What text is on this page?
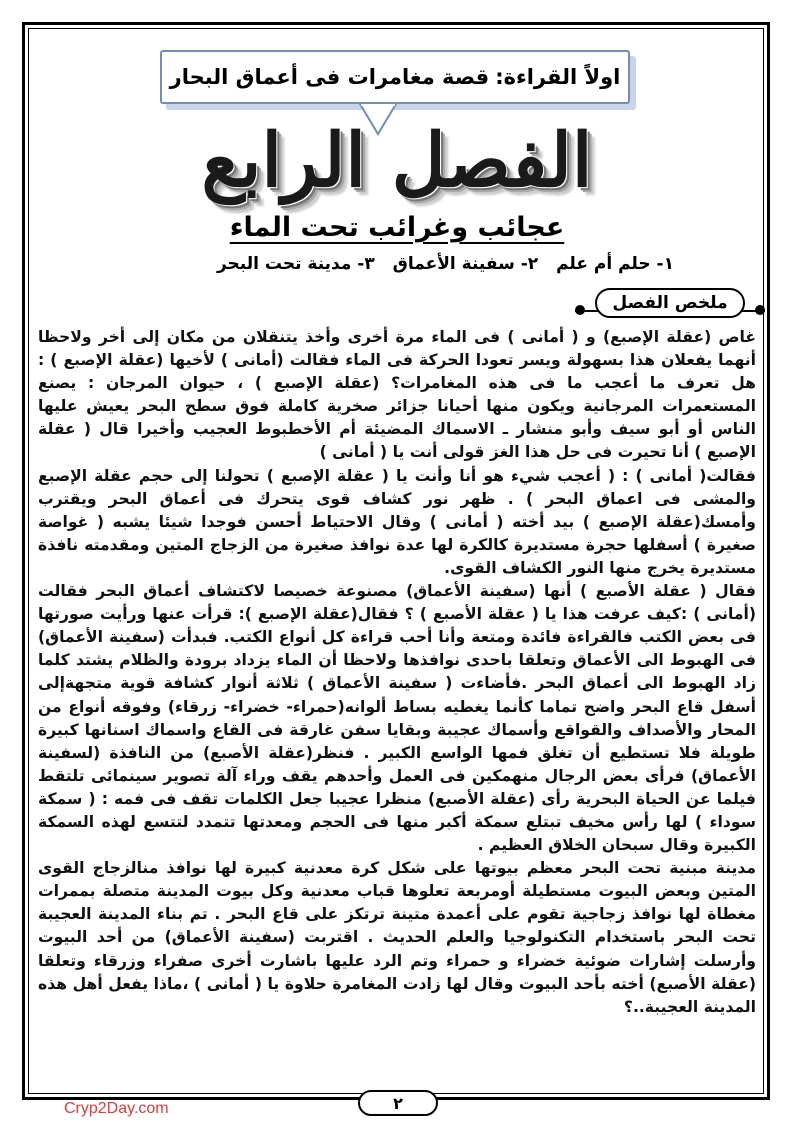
اولاً القراءة:
قصة مغامرات فى أعماق البحار
الفصل الرابع
عجائب وغرائب تحت الماء
١- حلم أم علم ٢- سفينة الأعماق ٣- مدينة تحت البحر
ملخص الفصل

غاص (عقلة الإصبع) و ( أمانى ) فى الماء مرة أخرى وأخذ يتنقلان من مكان إلى أخر ولاحظا أنهما يفعلان هذا بسهولة ويسر تعودا الحركة فى الماء فقالت (أمانى ) لأخيها (عقلة الإصبع ) : هل تعرف ما أعجب ما فى هذه المغامرات؟ (عقلة الإصبع ) ، حيوان المرجان : يصنع المستعمرات المرجانية ويكون منها أحيانا جزائر صخرية كاملة فوق سطح البحر يعيش عليها الناس أو أبو سيف وأبو منشار ـ الاسماك المضيئة أم الأخطبوط العجيب وأخيرا قال ( عقلة الإصبع ) أنا تحيرت فى حل هذا الغز قولى أنت يا ( أمانى )

فقالت( أمانى ) : ( أعجب شيء هو أنا وأنت يا ( عقلة الإصبع ) تحولنا إلى حجم عقلة الإصبع والمشى فى اعماق البحر ) . ظهر نور كشاف قوى يتحرك فى أعماق البحر ويقترب وأمسك(عقلة الإصبع ) بيد أخته ( أمانى ) وقال الاحتياط أحسن فوجدا شيئا يشبه ( غواصة صغيرة ) أسفلها حجرة مستديرة كالكرة لها عدة نوافذ صغيرة من الزجاج المتين ومقدمته نافذة مستديرة يخرج منها النور الكشاف القوى.

فقال ( عقلة الأصبع ) أنها (سفينة الأعماق) مصنوعة خصيصا لاكتشاف أعماق البحر فقالت (أمانى ) :كيف عرفت هذا يا ( عقلة الأصبع ) ؟ فقال(عقلة الإصبع ): قرأت عنها ورأيت صورتها فى بعض الكتب فالقراءة فائدة ومتعة وأنا أحب قراءة كل أنواع الكتب. فبدأت (سفينة الأعماق) فى الهبوط الى الأعماق وتعلقا باحدى نوافذها ولاحظا أن الماء يزداد برودة والظلام يشتد كلما زاد الهبوط الى أعماق البحر .فأضاءت ( سفينة الأعماق ) ثلاثة أنوار كشافة قوية متجهةإلى أسفل قاع البحر واضح تماما كأنما يغطيه بساط ألوانه(حمراء- خضراء- زرقاء) وفوقه أنواع من المحار والأصداف والقواقع وأسماك عجيبة وبقايا سفن غارقة فى القاع واسماك اسنانها كبيرة طويلة فلا تستطيع أن تغلق فمها الواسع الكبير . فنظر(عقلة الأصبع) من النافذة (لسفينة الأعماق) فرأى بعض الرجال منهمكين فى العمل وأحدهم يقف وراء آلة تصوير سينمائى تلتقط فيلما عن الحياة البحرية رأى (عقلة الأصبع) منظرا عجيبا جعل الكلمات تقف فى فمه : ( سمكة سوداء ) لها رأس مخيف تبتلع سمكة أكبر منها فى الحجم ومعدتها تتمدد لتتسع لهذه السمكة الكبيرة وقال سبحان الخلاق العظيم .

مدينة مبنية تحت البحر معظم بيوتها على شكل كرة معدنية كبيرة لها نوافذ منالزجاج القوى المتين وبعض البيوت مستطيلة أومربعة تعلوها قباب معدنية وكل بيوت المدينة متصلة بممرات مغطاة لها نوافذ زجاجية تقوم على أعمدة متينة ترتكز على قاع البحر . تم بناء المدينة العجيبة تحت البحر باستخدام التكنولوجيا والعلم الحديث . اقتربت (سفينة الأعماق) من أحد البيوت وأرسلت إشارات ضوئية خضراء و حمراء وتم الرد عليها باشارت أخرى صفراء وزرقاء وتعلقا (عقلة الأصبع) أخته بأحد البيوت وقال لها زادت المغامرة حلاوة يا ( أمانى ) ،ماذا يفعل أهل هذه المدينة العجيبة..؟

٢
Cryp2Day.com
